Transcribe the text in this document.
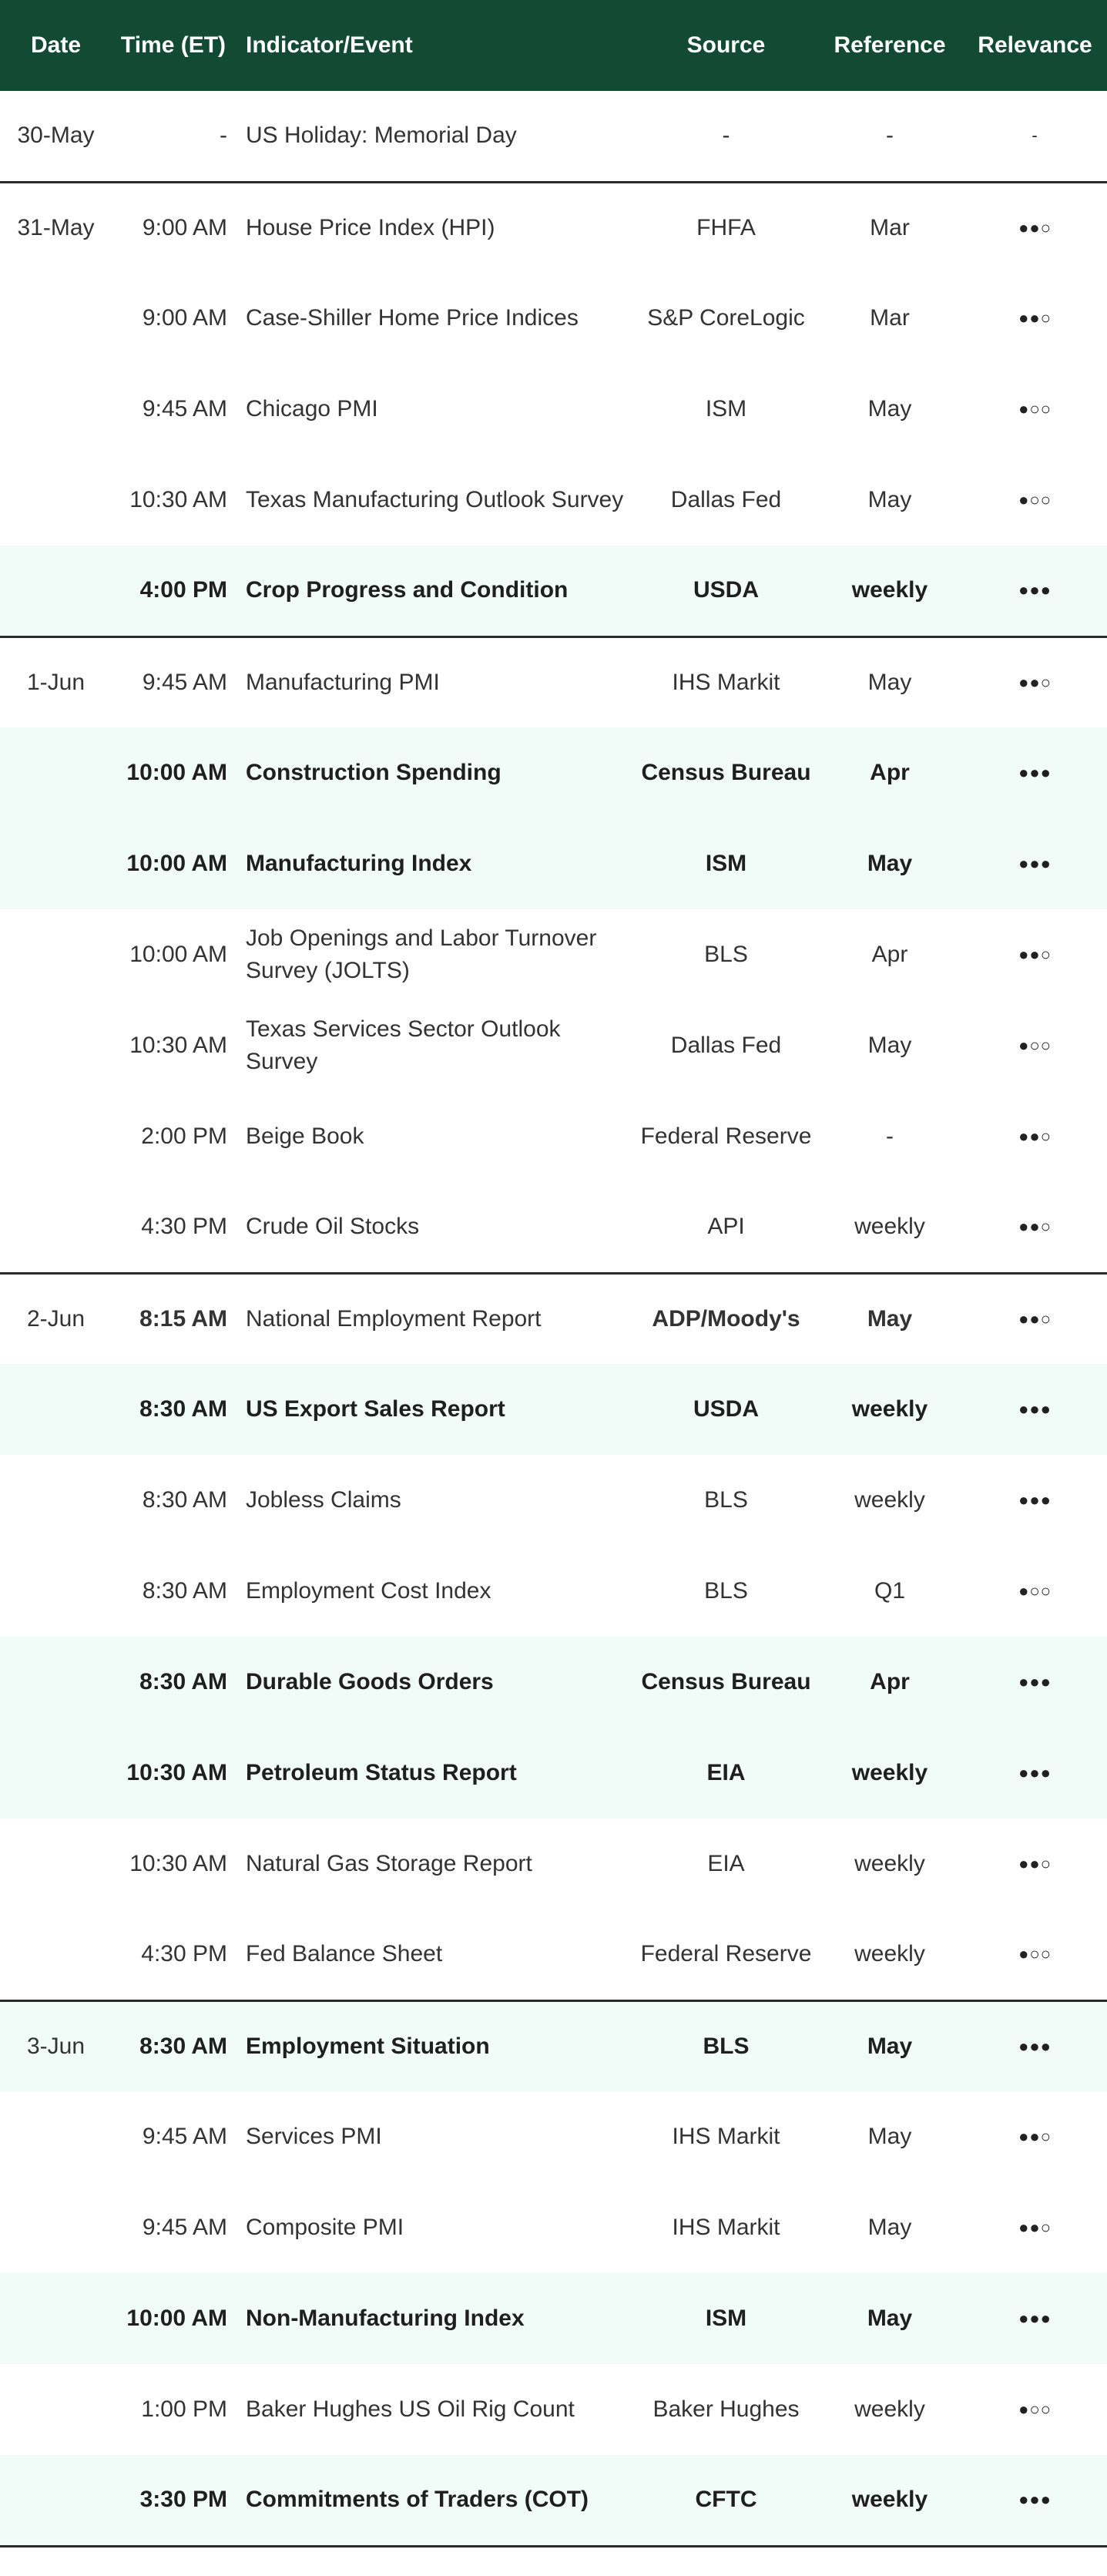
Date	Time (ET)	Indicator/Event	Source	Reference	Relevance
30-May	-	US Holiday: Memorial Day	-	-	-
31-May	9:00 AM	House Price Index (HPI)	FHFA	Mar	●●○
	9:00 AM	Case-Shiller Home Price Indices	S&P CoreLogic	Mar	●●○
	9:45 AM	Chicago PMI	ISM	May	●○○
	10:30 AM	Texas Manufacturing Outlook Survey	Dallas Fed	May	●○○
	4:00 PM	Crop Progress and Condition	USDA	weekly	●●●
1-Jun	9:45 AM	Manufacturing PMI	IHS Markit	May	●●○
	10:00 AM	Construction Spending	Census Bureau	Apr	●●●
	10:00 AM	Manufacturing Index	ISM	May	●●●
	10:00 AM	Job Openings and Labor Turnover Survey (JOLTS)	BLS	Apr	●●○
	10:30 AM	Texas Services Sector Outlook Survey	Dallas Fed	May	●○○
	2:00 PM	Beige Book	Federal Reserve	-	●●○
	4:30 PM	Crude Oil Stocks	API	weekly	●●○
2-Jun	8:15 AM	National Employment Report	ADP/Moody's	May	●●○
	8:30 AM	US Export Sales Report	USDA	weekly	●●●
	8:30 AM	Jobless Claims	BLS	weekly	●●●
	8:30 AM	Employment Cost Index	BLS	Q1	●○○
	8:30 AM	Durable Goods Orders	Census Bureau	Apr	●●●
	10:30 AM	Petroleum Status Report	EIA	weekly	●●●
	10:30 AM	Natural Gas Storage Report	EIA	weekly	●●○
	4:30 PM	Fed Balance Sheet	Federal Reserve	weekly	●○○
3-Jun	8:30 AM	Employment Situation	BLS	May	●●●
	9:45 AM	Services PMI	IHS Markit	May	●●○
	9:45 AM	Composite PMI	IHS Markit	May	●●○
	10:00 AM	Non-Manufacturing Index	ISM	May	●●●
	1:00 PM	Baker Hughes US Oil Rig Count	Baker Hughes	weekly	●○○
	3:30 PM	Commitments of Traders (COT)	CFTC	weekly	●●●
